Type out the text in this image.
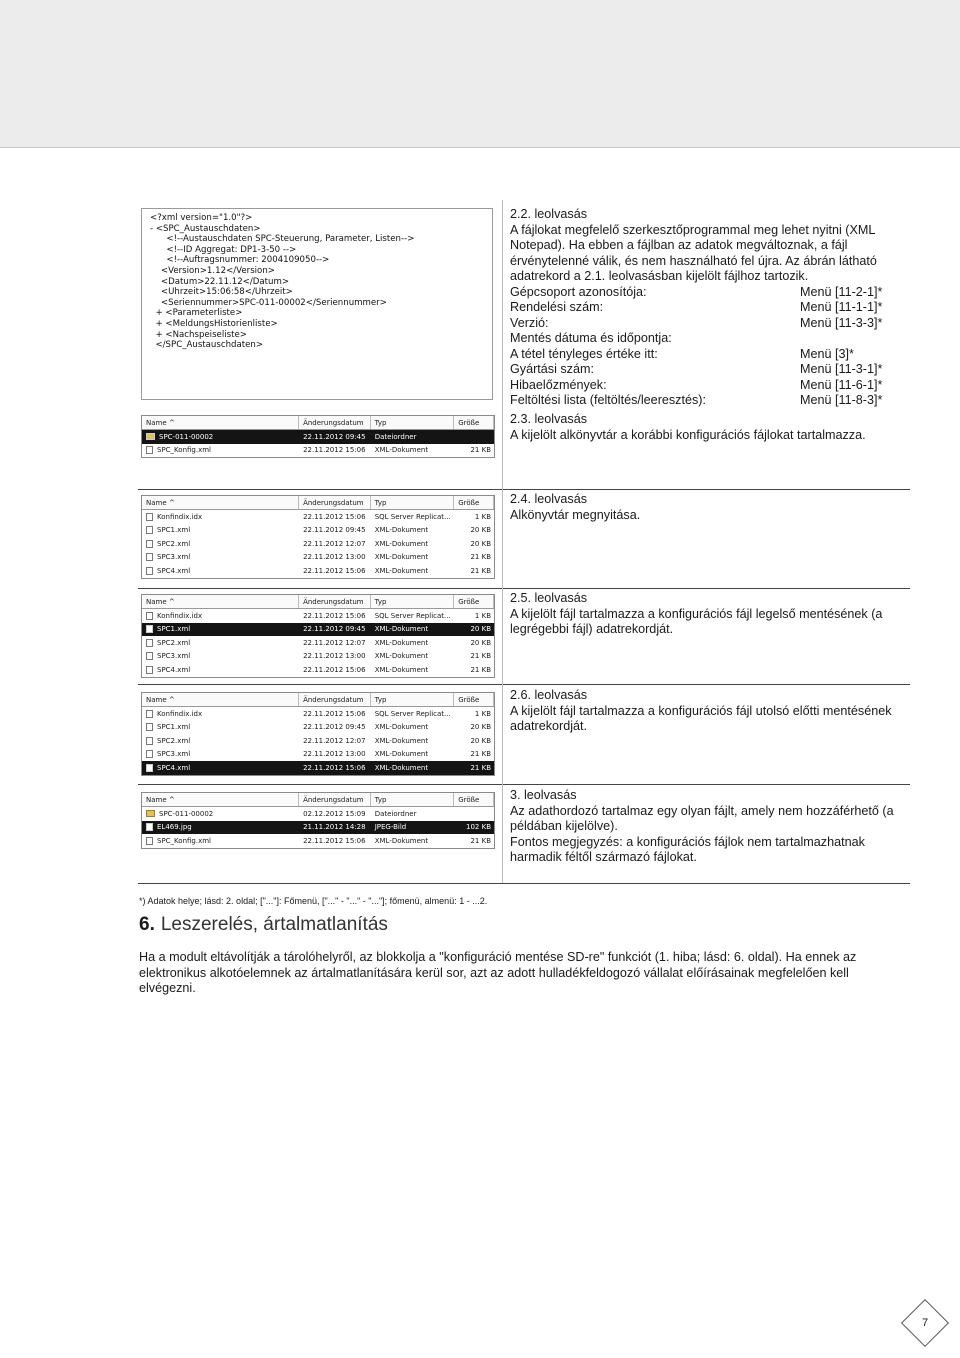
<?xml version="1.0"?>
- <SPC_Austauschdaten>
<!--Austauschdaten SPC-Steuerung, Parameter, Listen-->
<!--ID Aggregat: DP1-3-50 -->
<!--Auftragsnummer: 2004109050-->
<Version>1.12</Version>
<Datum>22.11.12</Datum>
<Uhrzeit>15:06:58</Uhrzeit>
<Seriennummer>SPC-011-00002</Seriennummer>
+ <Parameterliste>
+ <MeldungsHistorienliste>
+ <Nachspeiseliste>
</SPC_Austauschdaten>
Name ^	Änderungsdatum	Typ	Größe
SPC-011-00002	22.11.2012 09:45	Dateiordner
SPC_Konfig.xml	22.11.2012 15:06	XML-Dokument	21 KB
Name ^	Änderungsdatum	Typ	Größe
Konfindix.idx	22.11.2012 15:06	SQL Server Replicat...	1 KB
SPC1.xml	22.11.2012 09:45	XML-Dokument	20 KB
SPC2.xml	22.11.2012 12:07	XML-Dokument	20 KB
SPC3.xml	22.11.2012 13:00	XML-Dokument	21 KB
SPC4.xml	22.11.2012 15:06	XML-Dokument	21 KB
Name ^	Änderungsdatum	Typ	Größe
Konfindix.idx	22.11.2012 15:06	SQL Server Replicat...	1 KB
SPC1.xml	22.11.2012 09:45	XML-Dokument	20 KB
SPC2.xml	22.11.2012 12:07	XML-Dokument	20 KB
SPC3.xml	22.11.2012 13:00	XML-Dokument	21 KB
SPC4.xml	22.11.2012 15:06	XML-Dokument	21 KB
Name ^	Änderungsdatum	Typ	Größe
Konfindix.idx	22.11.2012 15:06	SQL Server Replicat...	1 KB
SPC1.xml	22.11.2012 09:45	XML-Dokument	20 KB
SPC2.xml	22.11.2012 12:07	XML-Dokument	20 KB
SPC3.xml	22.11.2012 13:00	XML-Dokument	21 KB
SPC4.xml	22.11.2012 15:06	XML-Dokument	21 KB
Name ^	Änderungsdatum	Typ	Größe
SPC-011-00002	02.12.2012 15:09	Dateiordner
EL469.jpg	21.11.2012 14:28	JPEG-Bild	102 KB
SPC_Konfig.xml	22.11.2012 15:06	XML-Dokument	21 KB
2.2. leolvasás
A fájlokat megfelelő szerkesztőprogrammal meg lehet nyitni (XML Notepad). Ha ebben a fájlban az adatok megváltoznak, a fájl érvénytelenné válik, és nem használható fel újra. Az ábrán látható adatrekord a 2.1. leolvasásban kijelölt fájlhoz tartozik.
Gépcsoport azonosítója:	Menü [11-2-1]*
Rendelési szám:	Menü [11-1-1]*
Verzió:	Menü [11-3-3]*
Mentés dátuma és időpontja:
A tétel tényleges értéke itt:	Menü [3]*
Gyártási szám:	Menü [11-3-1]*
Hibaelőzmények:	Menü [11-6-1]*
Feltöltési lista (feltöltés/leeresztés):	Menü [11-8-3]*
2.3. leolvasás
A kijelölt alkönyvtár a korábbi konfigurációs fájlokat tartalmazza.
2.4. leolvasás
Alkönyvtár megnyitása.
2.5. leolvasás
A kijelölt fájl tartalmazza a konfigurációs fájl legelső mentésének (a legrégebbi fájl) adatrekordját.
2.6. leolvasás
A kijelölt fájl tartalmazza a konfigurációs fájl utolsó előtti mentésének adatrekordját.
3. leolvasás
Az adathordozó tartalmaz egy olyan fájlt, amely nem hozzáférhető (a példában kijelölve).
Fontos megjegyzés: a konfigurációs fájlok nem tartalmazhatnak harmadik féltől származó fájlokat.
*) Adatok helye; lásd: 2. oldal; ["..."]: Főmenü, ["..." - "..." - "..."]; főmenü, almenü: 1 - ...2.
6. Leszerelés, ártalmatlanítás
Ha a modult eltávolítják a tárolóhelyről, az blokkolja a "konfiguráció mentése SD-re" funkciót (1. hiba; lásd: 6. oldal). Ha ennek az elektronikus alkotóelemnek az ártalmatlanítására kerül sor, azt az adott hulladékfeldogozó vállalat előírásainak megfelelően kell elvégezni.
7
